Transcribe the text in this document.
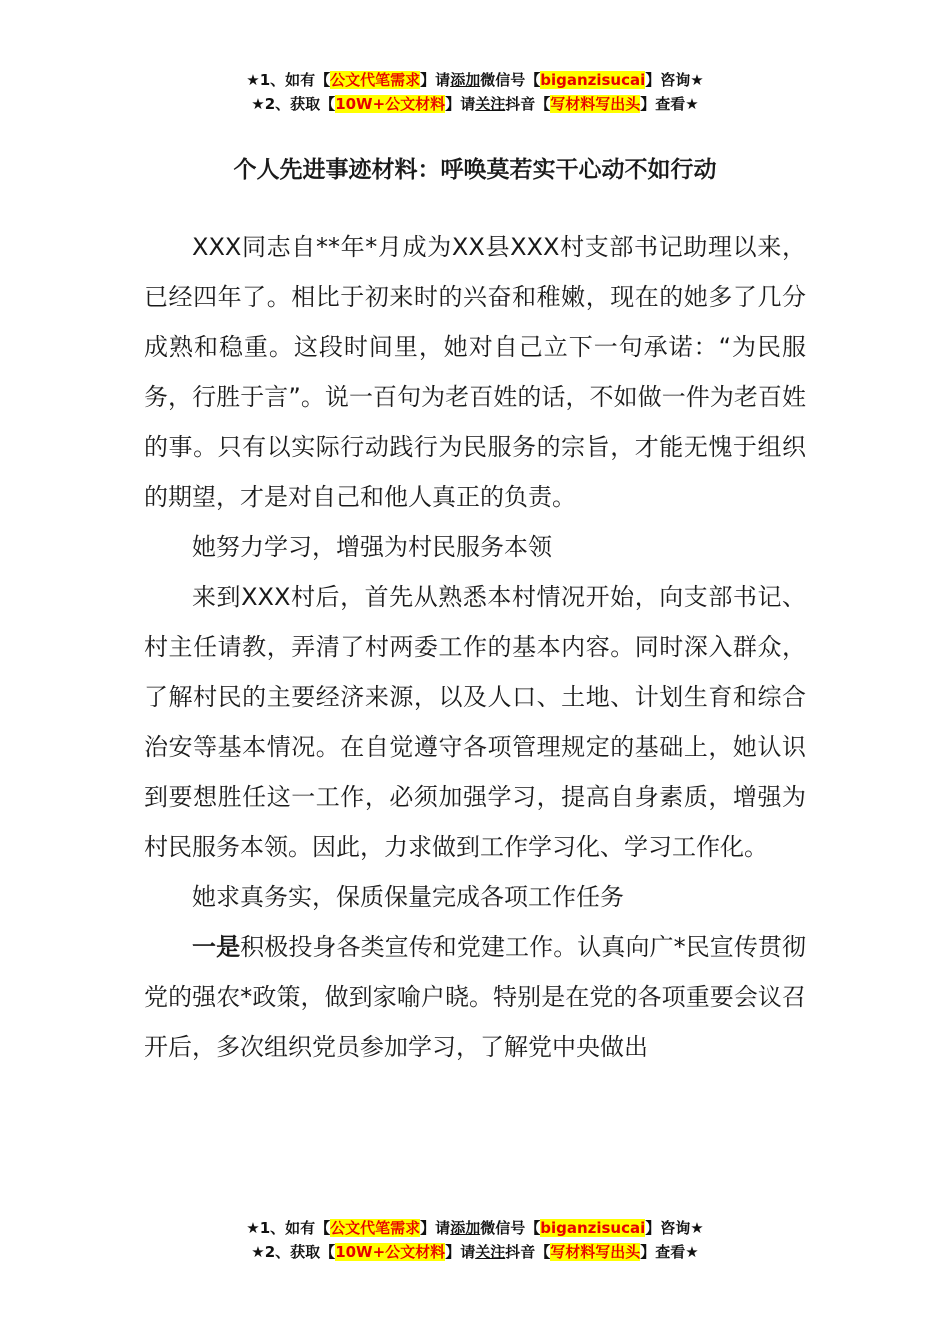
★1、如有【公文代笔需求】请添加微信号【biganzisucai】咨询★
★2、获取【10W+公文材料】请关注抖音【写材料写出头】查看★
个人先进事迹材料：呼唤莫若实干心动不如行动

XXX同志自**年*月成为XX县XXX村支部书记助理以来，已经四年了。相比于初来时的兴奋和稚嫩，现在的她多了几分成熟和稳重。这段时间里，她对自己立下一句承诺：“为民服务，行胜于言”。说一百句为老百姓的话，不如做一件为老百姓的事。只有以实际行动践行为民服务的宗旨，才能无愧于组织的期望，才是对自己和他人真正的负责。

她努力学习，增强为村民服务本领

来到XXX村后，首先从熟悉本村情况开始，向支部书记、村主任请教，弄清了村两委工作的基本内容。同时深入群众，了解村民的主要经济来源，以及人口、土地、计划生育和综合治安等基本情况。在自觉遵守各项管理规定的基础上，她认识到要想胜任这一工作，必须加强学习，提高自身素质，增强为村民服务本领。因此，力求做到工作学习化、学习工作化。

她求真务实，保质保量完成各项工作任务

一是积极投身各类宣传和党建工作。认真向广*民宣传贯彻党的强农*政策，做到家喻户晓。特别是在党的各项重要会议召开后，多次组织党员参加学习，了解党中央做出

★1、如有【公文代笔需求】请添加微信号【biganzisucai】咨询★
★2、获取【10W+公文材料】请关注抖音【写材料写出头】查看★
